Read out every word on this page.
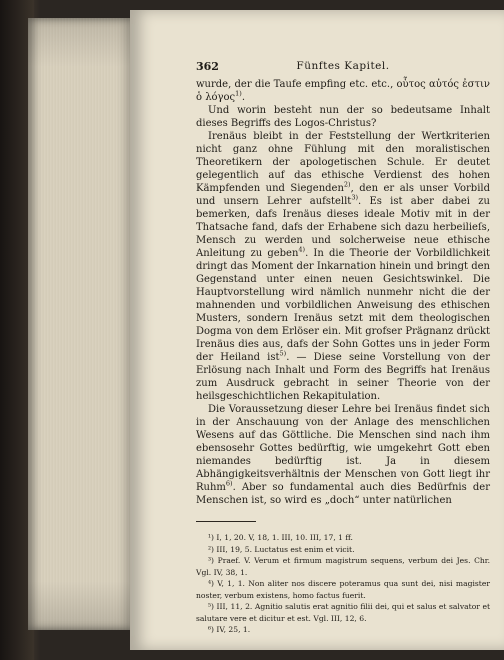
362	Fünftes Kapitel.

wurde, der die Taufe empfing etc. etc., οὗτος αὐτός ἐστιν ὁ λόγος$^{1)}$.

Und worin besteht nun der so bedeutsame Inhalt dieses Begriffs des Logos-Christus?

Irenäus bleibt in der Feststellung der Wertkriterien nicht ganz ohne Fühlung mit den moralistischen Theoretikern der apologetischen Schule. Er deutet gelegentlich auf das ethische Verdienst des hohen Kämpfenden und Siegenden$^{2)}$, den er als unser Vorbild und unsern Lehrer aufstellt$^{3)}$. Es ist aber dabei zu bemerken, dafs Irenäus dieses ideale Motiv mit in der Thatsache fand, dafs der Erhabene sich dazu herbeilieſs, Mensch zu werden und solcherweise neue ethische Anleitung zu geben$^{4)}$. In die Theorie der Vorbildlichkeit dringt das Moment der Inkarnation hinein und bringt den Gegenstand unter einen neuen Gesichtswinkel. Die Hauptvorstellung wird nämlich nunmehr nicht die der mahnenden und vorbildlichen Anweisung des ethischen Musters, sondern Irenäus setzt mit dem theologischen Dogma von dem Erlöser ein. Mit grofser Prägnanz drückt Irenäus dies aus, dafs der Sohn Gottes uns in jeder Form der Heiland ist$^{5)}$. — Diese seine Vorstellung von der Erlösung nach Inhalt und Form des Begriffs hat Irenäus zum Ausdruck gebracht in seiner Theorie von der heilsgeschichtlichen Rekapitulation.

Die Voraussetzung dieser Lehre bei Irenäus findet sich in der Anschauung von der Anlage des menschlichen Wesens auf das Göttliche. Die Menschen sind nach ihm ebensosehr Gottes bedürftig, wie umgekehrt Gott eben niemandes bedürftig ist. Ja in diesem Abhängigkeitsverhältnis der Menschen von Gott liegt ihr Ruhm$^{6)}$. Aber so fundamental auch dies Bedürfnis der Menschen ist, so wird es „doch“ unter natürlichen

¹) I, 1, 20. V, 18, 1. III, 10. III, 17, 1 ff.

²) III, 19, 5. Luctatus est enim et vicit.

³) Praef. V. Verum et firmum magistrum sequens, verbum dei Jes. Chr. Vgl. IV, 38, 1.

⁴) V, 1, 1. Non aliter nos discere poteramus qua sunt dei, nisi magister noster, verbum existens, homo factus fuerit.

⁵) III, 11, 2. Agnitio salutis erat agnitio filii dei, qui et salus et salvator et salutare vere et dicitur et est. Vgl. III, 12, 6.

⁶) IV, 25, 1.
